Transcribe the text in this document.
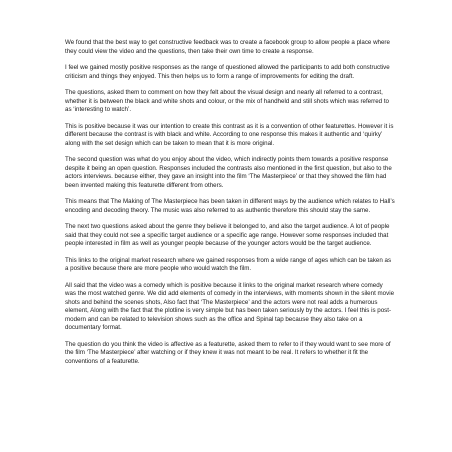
We found that the best way to get constructive feedback was to create a facebook group to allow people a place where they could view the video and the questions, then take their own time to create a response.

I feel we gained mostly positive responses as the range of questioned allowed the participants to add both constructive criticism and things they enjoyed. This then helps us to form a range of improvements for editing the draft.

The questions, asked them to comment on how they felt about the visual design and nearly all referred to a contrast, whether it is between the black and white shots and colour, or the mix of handheld and still shots which was referred to as ‘interesting to watch’.

This is positive because it was our intention to create this contrast as it is a convention of other featurettes. However it is different because the contrast is with black and white. According to one response this makes it authentic and ‘quirky’ along with the set design which can be taken to mean that it is more original.

The second question was what do you enjoy about the video, which indirectly points them towards a positive response despite it being an open question. Responses included the contrasts also mentioned in the first question, but also to the actors interviews. because either, they gave an insight into the film ‘The Masterpiece’ or that they showed the film had been invented making this featurette different from others.

This means that The Making of The Masterpiece has been taken in different ways by the audience which relates to Hall’s encoding and decoding theory. The music was also referred to as authentic therefore this should stay the same.

The next two questions asked about the genre they believe it belonged to, and also the target audience. A lot of people said that they could not see a specific target audience or a specific age range. However some responses included that people interested in film as well as younger people because of the younger actors would be the target audience.

This links to the original market research where we gained responses from a wide range of ages which can be taken as a positive because there are more people who would watch the film.

All said that the video was a comedy which is positive because it links to the original market research where comedy was the most watched genre. We did add elements of comedy in the interviews, with moments shown in the silent movie shots and behind the scenes shots, Also fact that ‘The Masterpiece’ and the actors were not real adds a humerous element, Along with the fact that the plotline is very simple but has been taken seriously by the actors. I feel this is post-modern and can be related to television shows such as the office and Spinal tap because they also take on a documentary format.

The question do you think the video is affective as a featurette, asked them to refer to if they would want to see more of the film ‘The Masterpiece’ after watching or if they knew it was not meant to be real. It refers to whether it fit the conventions of a featurette.
